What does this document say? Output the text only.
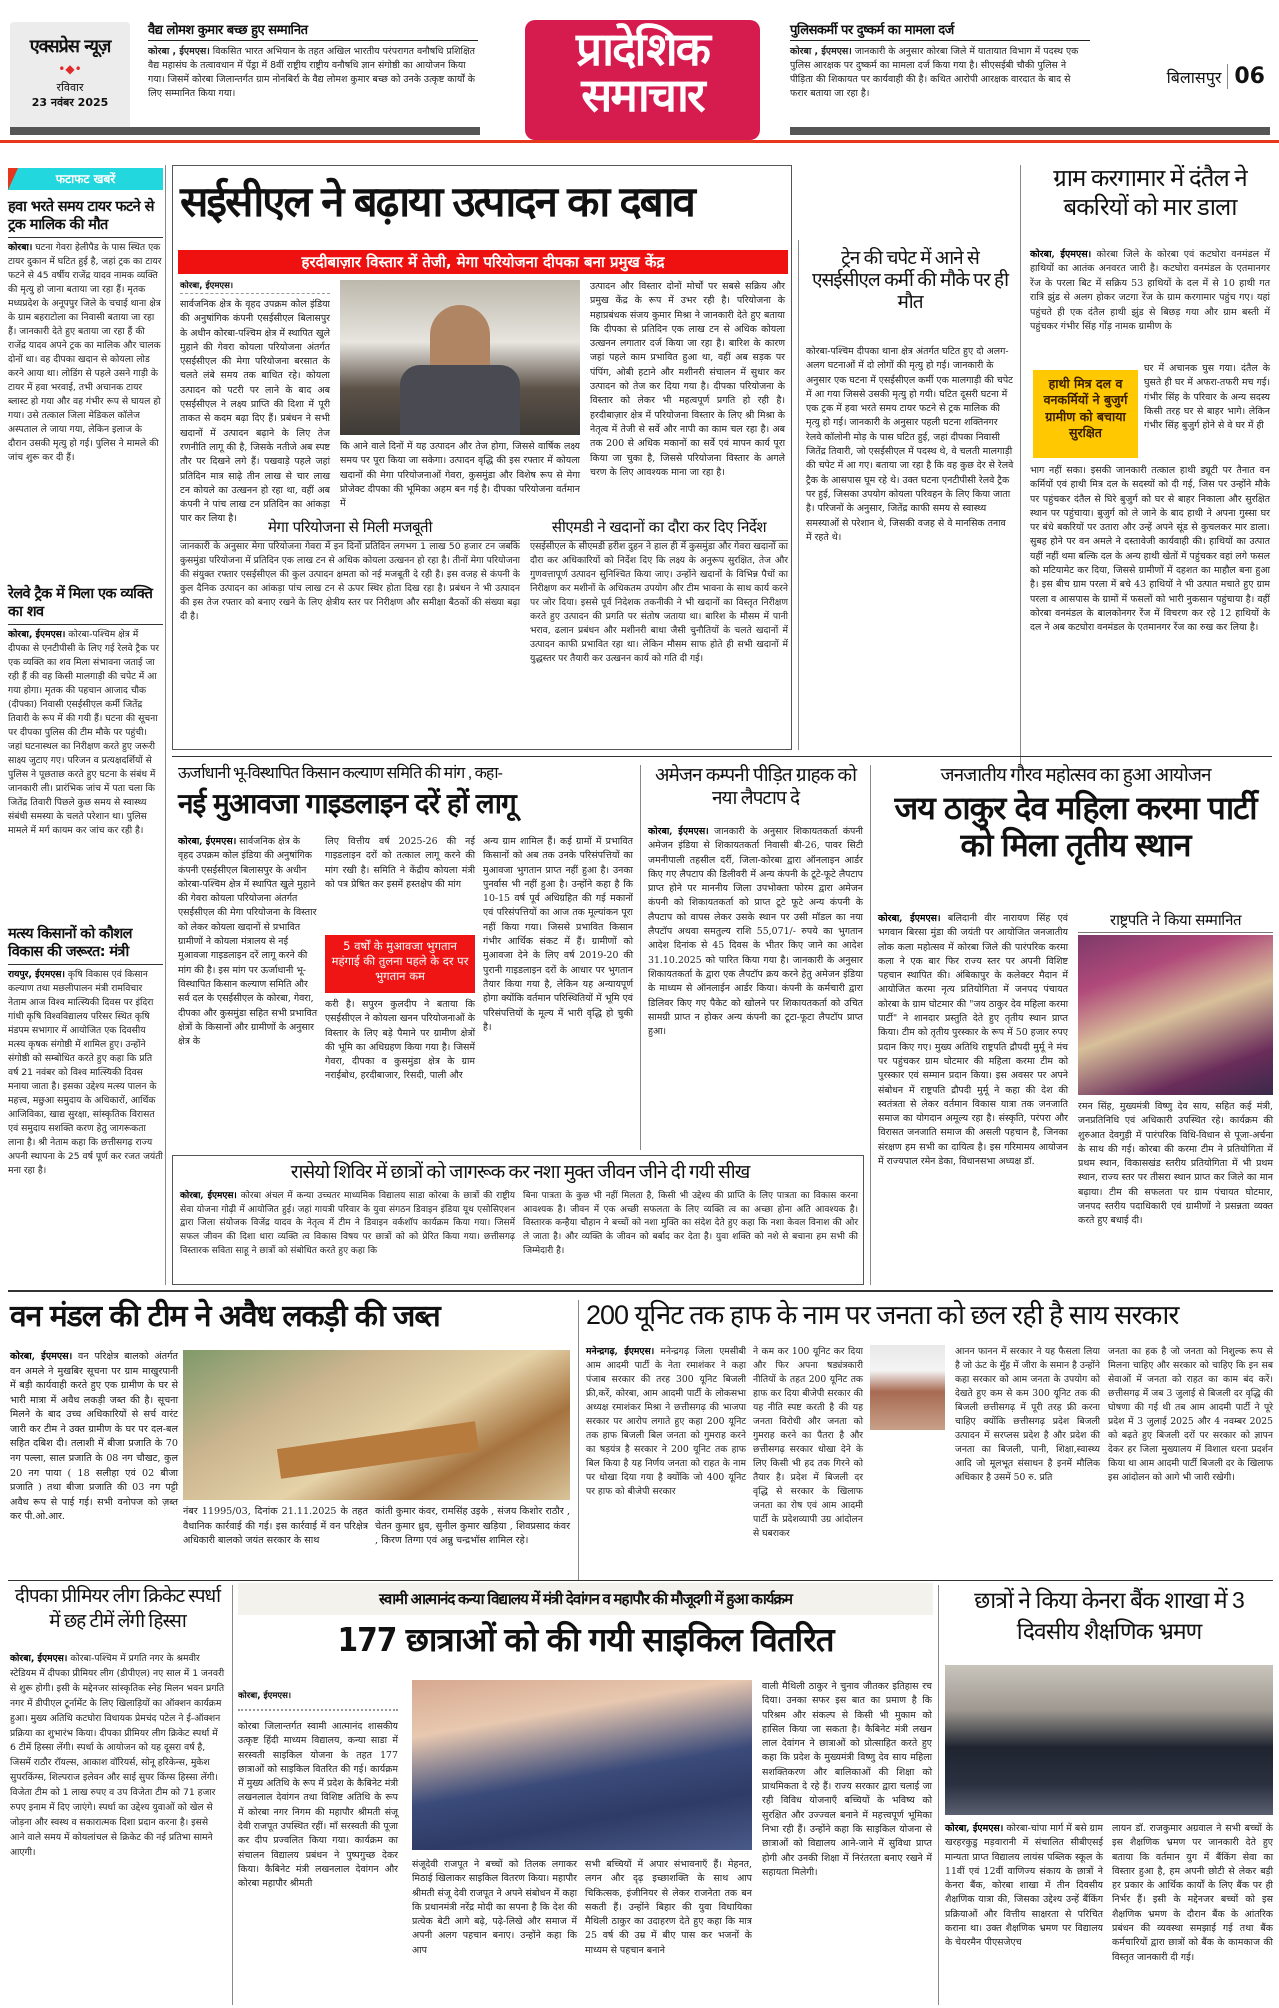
एक्सप्रेस न्यूज़
•◆•
रविवार
23 नवंबर 2025
वैद्य लोमश कुमार बच्छ हुए सम्मानित
कोरबा , ईएमएस। विकसित भारत अभियान के तहत अखिल भारतीय परंपरागत वनौषधि प्रशिक्षित वैद्य महासंघ के तत्वावधान में पेंड्रा में 8वीं राष्ट्रीय राष्ट्रीय वनौषधि ज्ञान संगोष्ठी का आयोजन किया गया। जिसमें कोरबा जिलान्तर्गत ग्राम नोनबिर्रा के वैद्य लोमश कुमार बच्छ को उनके उत्कृष्ट कार्यों के लिए सम्मानित किया गया।
प्रादेशिक
समाचार
पुलिसकर्मी पर दुष्कर्म का मामला दर्ज
कोरबा , ईएमएस। जानकारी के अनुसार कोरबा जिले में यातायात विभाग में पदस्थ एक पुलिस आरक्षक पर दुष्कर्म का मामला दर्ज किया गया है। सीएसईबी चौकी पुलिस ने पीड़िता की शिकायत पर कार्यवाही की है। कथित आरोपी आरक्षक वारदात के बाद से फरार बताया जा रहा है।
बिलासपुर 06
फटाफट खबरें
हवा भरते समय टायर फटने से ट्रक मालिक की मौत
कोरबा। घटना गेवरा हेलीपैड के पास स्थित एक टायर दुकान में घटित हुई है, जहां ट्रक का टायर फटने से 45 वर्षीय राजेंद्र यादव नामक व्यक्ति की मृत्यु हो जाना बताया जा रहा हैं। मृतक मध्यप्रदेश के अनूपपुर जिले के चचाई थाना क्षेत्र के ग्राम बहराटोला का निवासी बताया जा रहा हैं। जानकारी देते हुए बताया जा रहा हैं की राजेंद्र यादव अपने ट्रक का मालिक और चालक दोनों था। वह दीपका खदान से कोयला लोड करने आया था। लोडिंग से पहले उसने गाड़ी के टायर में हवा भरवाई, तभी अचानक टायर ब्लास्ट हो गया और वह गंभीर रूप से घायल हो गया। उसे तत्काल जिला मेडिकल कॉलेज अस्पताल ले जाया गया, लेकिन इलाज के दौरान उसकी मृत्यु हो गई। पुलिस ने मामले की जांच शुरू कर दी हैं।
रेलवे ट्रैक में मिला एक व्यक्ति का शव
कोरबा, ईएमएस। कोरबा-पश्चिम क्षेत्र में दीपका से एनटीपीसी के लिए गई रेलवे ट्रैक पर एक व्यक्ति का शव मिला संभावना जताई जा रही हैं की वह किसी मालगाड़ी की चपेट में आ गया होगा। मृतक की पहचान आजाद चौक (दीपका) निवासी एसईसीएल कर्मी जितेंद्र तिवारी के रूप में की गयी हैं। घटना की सूचना पर दीपका पुलिस की टीम मौके पर पहुंची। जहां घटनास्थल का निरीक्षण करते हुए जरूरी साक्ष्य जुटाए गए। परिजन व प्रत्यक्षदर्शियों से पुलिस ने पूछताछ करते हुए घटना के संबंध में जानकारी ली। प्रारंभिक जांच में पता चला कि जितेंद्र तिवारी पिछले कुछ समय से स्वास्थ्य संबंधी समस्या के चलते परेशान था। पुलिस मामले में मर्ग कायम कर जांच कर रही है।
मत्स्य किसानों को कौशल विकास की जरूरत: मंत्री
रायपुर, ईएमएस। कृषि विकास एवं किसान कल्याण तथा मछलीपालन मंत्री रामविचार नेताम आज विश्व मात्स्यिकी दिवस पर इंदिरा गांधी कृषि विश्वविद्यालय परिसर स्थित कृषि मंडपम सभागार में आयोजित एक दिवसीय मत्स्य कृषक संगोष्ठी में शामिल हुए। उन्होंने संगोष्ठी को सम्बोधित करते हुए कहा कि प्रति वर्ष 21 नवंबर को विश्व मात्स्यिकी दिवस मनाया जाता है। इसका उद्देश्य मत्स्य पालन के महत्त्व, मछुआ समुदाय के अधिकारों, आर्थिक आजिविका, खाद्य सुरक्षा, सांस्कृतिक विरासत एवं समुदाय सशक्ति करण हेतु जागरूकता लाना है। श्री नेताम कहा कि छत्तीसगढ़ राज्य अपनी स्थापना के 25 वर्ष पूर्ण कर रजत जयंती मना रहा है।
सईसीएल ने बढ़ाया उत्पादन का दबाव
हरदीबाज़ार विस्तार में तेजी, मेगा परियोजना दीपका बना प्रमुख केंद्र
कोरबा, ईएमएस।
सार्वजनिक क्षेत्र के वृहद उपक्रम कोल इंडिया की अनुषांगिक कंपनी एसईसीएल बिलासपुर के अधीन कोरबा-पश्चिम क्षेत्र में स्थापित खुले मुहाने की गेवरा कोयला परियोजना अंतर्गत एसईसीएल की मेगा परियोजना बरसात के चलते लंबे समय तक बाधित रहे। कोयला उत्पादन को पटरी पर लाने के बाद अब एसईसीएल ने लक्ष्य प्राप्ति की दिशा में पूरी ताकत से कदम बढ़ा दिए हैं। प्रबंधन ने सभी खदानों में उत्पादन बढ़ाने के लिए तेज रणनीति लागू की है, जिसके नतीजे अब स्पष्ट तौर पर दिखने लगे हैं। पखवाड़े पहले जहां प्रतिदिन मात्र साढ़े तीन लाख से चार लाख टन कोयले का उत्खनन हो रहा था, वहीं अब कंपनी ने पांच लाख टन प्रतिदिन का आंकड़ा पार कर लिया है।
कि आने वाले दिनों में यह उत्पादन और तेज होगा, जिससे वार्षिक लक्ष्य समय पर पूरा किया जा सकेगा। उत्पादन वृद्धि की इस रफ्तार में कोयला खदानों की मेगा परियोजनाओं गेवरा, कुसमुंडा और विशेष रूप से मेगा प्रोजेक्ट दीपका की भूमिका अहम बन गई है। दीपका परियोजना वर्तमान में
उत्पादन और विस्तार दोनों मोर्चों पर सबसे सक्रिय और प्रमुख केंद्र के रूप में उभर रही है। परियोजना के महाप्रबंधक संजय कुमार मिश्रा ने जानकारी देते हुए बताया कि दीपका से प्रतिदिन एक लाख टन से अधिक कोयला उत्खनन लगातार दर्ज किया जा रहा है। बारिश के कारण जहां पहले काम प्रभावित हुआ था, वहीं अब सड़क पर पंपिंग, ओबी हटाने और मशीनरी संचालन में सुधार कर उत्पादन को तेज कर दिया गया है। दीपका परियोजना के विस्तार को लेकर भी महत्वपूर्ण प्रगति हो रही है। हरदीबाज़ार क्षेत्र में परियोजना विस्तार के लिए श्री मिश्रा के नेतृत्व में तेजी से सर्वे और नापी का काम चल रहा है। अब तक 200 से अधिक मकानों का सर्वे एवं मापन कार्य पूरा किया जा चुका है, जिससे परियोजना विस्तार के अगले चरण के लिए आवश्यक माना जा रहा है।
मेगा परियोजना से मिली मजबूती
जानकारी के अनुसार मेगा परियोजना गेवरा में इन दिनों प्रतिदिन लगभग 1 लाख 50 हजार टन जबकि कुसमुंडा परियोजना में प्रतिदिन एक लाख टन से अधिक कोयला उत्खनन हो रहा है। तीनों मेगा परियोजना की संयुक्त रफ्तार एसईसीएल की कुल उत्पादन क्षमता को नई मजबूती दे रही है। इस वजह से कंपनी के कुल दैनिक उत्पादन का आंकड़ा पांच लाख टन से ऊपर स्थिर होता दिख रहा है। प्रबंधन ने भी उत्पादन की इस तेज रफ्तार को बनाए रखने के लिए क्षेत्रीय स्तर पर निरीक्षण और समीक्षा बैठकों की संख्या बढ़ा दी है।
सीएमडी ने खदानों का दौरा कर दिए निर्देश
एसईसीएल के सीएमडी हरीश दुहन ने हाल ही में कुसमुंडा और गेवरा खदानों का दौरा कर अधिकारियों को निर्देश दिए कि लक्ष्य के अनुरूप सुरक्षित, तेज और गुणवत्तापूर्ण उत्पादन सुनिश्चित किया जाए। उन्होंने खदानों के विभिन्न पैचों का निरीक्षण कर मशीनों के अधिकतम उपयोग और टीम भावना के साथ कार्य करने पर जोर दिया। इससे पूर्व निदेशक तकनीकी ने भी खदानों का विस्तृत निरीक्षण करते हुए उत्पादन की प्रगति पर संतोष जताया था। बारिश के मौसम में पानी भराव, ढलान प्रबंधन और मशीनरी बाधा जैसी चुनौतियों के चलते खदानों में उत्पादन काफी प्रभावित रहा था। लेकिन मौसम साफ होते ही सभी खदानों में युद्धस्तर पर तैयारी कर उत्खनन कार्य को गति दी गई।
ट्रेन की चपेट में आने से एसईसीएल कर्मी की मौके पर ही मौत
कोरबा-पश्चिम दीपका थाना क्षेत्र अंतर्गत घटित हुए दो अलग-अलग घटनाओं में दो लोगों की मृत्यु हो गई। जानकारी के अनुसार एक घटना में एसईसीएल कर्मी एक मालगाड़ी की चपेट में आ गया जिससे उसकी मृत्यु हो गयी। घटित दूसरी घटना में एक ट्रक में हवा भरते समय टायर फटने से ट्रक मालिक की मृत्यु हो गई। जानकारी के अनुसार पहली घटना शक्तिनगर रेलवे कॉलोनी मोड़ के पास घटित हुई, जहां दीपका निवासी जितेंद्र तिवारी, जो एसईसीएल में पदस्थ थे, वे चलती मालगाड़ी की चपेट में आ गए। बताया जा रहा है कि वह कुछ देर से रेलवे ट्रैक के आसपास घूम रहे थे। उक्त घटना एनटीपीसी रेलवे ट्रैक पर हुई, जिसका उपयोग कोयला परिवहन के लिए किया जाता है। परिजनों के अनुसार, जितेंद्र काफी समय से स्वास्थ्य समस्याओं से परेशान थे, जिसकी वजह से वे मानसिक तनाव में रहते थे।
ग्राम करगामार में दंतैल ने बकरियों को मार डाला
कोरबा, ईएमएस। कोरबा जिले के कोरबा एवं कटघोरा वनमंडल में हाथियों का आतंक अनवरत जारी है। कटघोरा वनमंडल के एतमानगर रेंज के परला बिट में सक्रिय 53 हाथियों के दल में से 10 हाथी गत रात्रि झुंड से अलग होकर जटगा रेंज के ग्राम करगामार पहुंच गए। यहां पहुंचते ही एक दंतैल हाथी झुंड से बिछड़ गया और ग्राम बस्ती में पहुंचकर गंभीर सिंह गोंड़ नामक ग्रामीण के
हाथी मित्र दल व वनकर्मियों ने बुजुर्ग ग्रामीण को बचाया सुरक्षित
घर में अचानक घुस गया। दंतैल के घुसते ही घर में अफरा-तफरी मच गई। गंभीर सिंह के परिवार के अन्य सदस्य किसी तरह घर से बाहर भागे। लेकिन गंभीर सिंह बुजुर्ग होने से वे घर में ही
भाग नहीं सका। इसकी जानकारी तत्काल हाथी ड्यूटी पर तैनात वन कर्मियों एवं हाथी मित्र दल के सदस्यों को दी गई, जिस पर उन्होंने मौके पर पहुंचकर दंतैल से घिरे बुजुर्ग को घर से बाहर निकाला और सुरक्षित स्थान पर पहुंचाया। बुजुर्ग को ले जाने के बाद हाथी ने अपना गुस्सा घर पर बंधे बकरियों पर उतारा और उन्हें अपने सूंड से कुचलकर मार डाला। सुबह होने पर वन अमले ने दस्तावेजी कार्यवाही की। हाथियों का उत्पात यहीं नहीं थमा बल्कि दल के अन्य हाथी खेतों में पहुंचकर वहां लगे फसल को मटियामेट कर दिया, जिससे ग्रामीणों में दहशत का माहौल बना हुआ है। इस बीच ग्राम परला में बचे 43 हाथियों ने भी उत्पात मचाते हुए ग्राम परला व आसपास के ग्रामों में फसलों को भारी नुकसान पहुंचाया है। वहीं कोरबा वनमंडल के बालकोनगर रेंज में विचरण कर रहे 12 हाथियों के दल ने अब कटघोरा वनमंडल के एतमानगर रेंज का रुख कर लिया है।
ऊर्जाधानी भू-विस्थापित किसान कल्याण समिति की मांग , कहा-
नई मुआवजा गाइडलाइन दरें हों लागू
कोरबा, ईएमएस। सार्वजनिक क्षेत्र के वृहद उपक्रम कोल इंडिया की अनुषांगिक कंपनी एसईसीएल बिलासपुर के अधीन कोरबा-पश्चिम क्षेत्र में स्थापित खुले मुहाने की गेवरा कोयला परियोजना अंतर्गत एसईसीएल की मेगा परियोजना के विस्तार को लेकर कोयला खदानों से प्रभावित ग्रामीणों ने कोयला मंत्रालय से नई मुआवजा गाइडलाइन दरें लागू करने की मांग की है। इस मांग पर ऊर्जाधानी भू-विस्थापित किसान कल्याण समिति और सर्व दल के एसईसीएल के कोरबा, गेवरा, दीपका और कुसमुंडा सहित सभी प्रभावित क्षेत्रों के किसानों और ग्रामीणों के अनुसार क्षेत्र के
लिए वित्तीय वर्ष 2025-26 की नई गाइडलाइन दरों को तत्काल लागू करने की मांग रखी है। समिति ने केंद्रीय कोयला मंत्री को पत्र प्रेषित कर इसमें हस्तक्षेप की मांग
5 वर्षों के मुआवजा भुगतान महंगाई की तुलना पहले के दर पर भुगतान कम
करी है। सपुरन कुलदीप ने बताया कि एसईसीएल ने कोयला खनन परियोजनाओं के विस्तार के लिए बड़े पैमाने पर ग्रामीण क्षेत्रों की भूमि का अधिग्रहण किया गया है। जिसमें गेवरा, दीपका व कुसमुंडा क्षेत्र के ग्राम नराईबोध, हरदीबाजार, रिसदी, पाली और
अन्य ग्राम शामिल हैं। कई ग्रामों में प्रभावित किसानों को अब तक उनके परिसंपत्तियों का मुआवजा भुगतान प्राप्त नहीं हुआ है। उनका पुनर्वास भी नहीं हुआ है। उन्होंने कहा है कि 10-15 वर्ष पूर्व अधिग्रहित की गई मकानों एवं परिसंपत्तियों का आज तक मूल्यांकन पूरा नहीं किया गया। जिससे प्रभावित किसान गंभीर आर्थिक संकट में हैं। ग्रामीणों को मुआवजा देने के लिए वर्ष 2019-20 की पुरानी गाइडलाइन दरों के आधार पर भुगतान तैयार किया गया है, लेकिन यह अन्यायपूर्ण होगा क्योंकि वर्तमान परिस्थितियों में भूमि एवं परिसंपत्तियों के मूल्य में भारी वृद्धि हो चुकी है।
अमेजन कम्पनी पीड़ित ग्राहक को नया लैपटाप दे
कोरबा, ईएमएस। जानकारी के अनुसार शिकायतकर्ता कंपनी अमेजन इंडिया से शिकायतकर्ता निवासी बी-26, पावर सिटी जमनीपाली तहसील दर्री, जिला-कोरबा द्वारा ऑनलाइन आर्डर किए गए लैपटाप की डिलीवरी में अन्य कंपनी के टूटे-फूटे लैपटाप प्राप्त होने पर माननीय जिला उपभोक्ता फोरम द्वारा अमेजन कंपनी को शिकायतकर्ता को प्राप्त टूटे फूटे अन्य कंपनी के लैपटाप को वापस लेकर उसके स्थान पर उसी मॉडल का नया लैपटॉप अथवा समतुल्य राशि 55,071/- रुपये का भुगतान आदेश दिनांक से 45 दिवस के भीतर किए जाने का आदेश 31.10.2025 को पारित किया गया है। जानकारी के अनुसार शिकायतकर्ता के द्वारा एक लैपटॉप क्रय करने हेतु अमेजन इंडिया के माध्यम से ऑनलाईन आर्डर किया। कंपनी के कर्मचारी द्वारा डिलिवर किए गए पैकेट को खोलने पर शिकायतकर्ता को उचित सामग्री प्राप्त न होकर अन्य कंपनी का टूटा-फूटा लैपटॉप प्राप्त हुआ।
जनजातीय गौरव महोत्सव का हुआ आयोजन
जय ठाकुर देव महिला करमा पार्टी को मिला तृतीय स्थान
कोरबा, ईएमएस। बलिदानी वीर नारायण सिंह एवं भगवान बिरसा मुंडा की जयंती पर आयोजित जनजातीय लोक कला महोत्सव में कोरबा जिले की पारंपरिक करमा कला ने एक बार फिर राज्य स्तर पर अपनी विशिष्ट पहचान स्थापित की। अंबिकापुर के कलेक्टर मैदान में आयोजित करमा नृत्य प्रतियोगिता में जनपद पंचायत कोरबा के ग्राम घोटमार की "जय ठाकुर देव महिला करमा पार्टी" ने शानदार प्रस्तुति देते हुए तृतीय स्थान प्राप्त किया। टीम को तृतीय पुरस्कार के रूप में 50 हजार रुपए प्रदान किए गए। मुख्य अतिथि राष्ट्रपति द्रौपदी मुर्मू ने मंच पर पहुंचकर ग्राम घोटमार की महिला करमा टीम को पुरस्कार एवं सम्मान प्रदान किया। इस अवसर पर अपने संबोधन में राष्ट्रपति द्रौपदी मुर्मू ने कहा की देश की स्वतंत्रता से लेकर वर्तमान विकास यात्रा तक जनजाति समाज का योगदान अमूल्य रहा है। संस्कृति, परंपरा और विरासत जनजाति समाज की असली पहचान है, जिनका संरक्षण हम सभी का दायित्व है। इस गरिमामय आयोजन में राज्यपाल रमेन डेका, विधानसभा अध्यक्ष डॉ.
राष्ट्रपति ने किया सम्मानित
रमन सिंह, मुख्यमंत्री विष्णु देव साय, सहित कई मंत्री, जनप्रतिनिधि एवं अधिकारी उपस्थित रहे। कार्यक्रम की शुरुआत देवगुड़ी में पारंपरिक विधि-विधान से पूजा-अर्चना के साथ की गई। कोरबा की करमा टीम ने प्रतियोगिता में प्रथम स्थान, विकासखंड स्तरीय प्रतियोगिता में भी प्रथम स्थान, राज्य स्तर पर तीसरा स्थान प्राप्त कर जिले का मान बढ़ाया। टीम की सफलता पर ग्राम पंचायत घोटमार, जनपद स्तरीय पदाधिकारी एवं ग्रामीणों ने प्रसन्नता व्यक्त करते हुए बधाई दी।
रासेयो शिविर में छात्रों को जागरूक कर नशा मुक्त जीवन जीने दी गयी सीख
कोरबा, ईएमएस। कोरबा अंचल में कन्या उच्चतर माध्यमिक विद्यालय साडा कोरबा के छात्रों की राष्ट्रीय सेवा योजना गोढ़ी में आयोजित हुई। जहां गायत्री परिवार के युवा संगठन डिवाइन इंडिया यूथ एसोसिएशन द्वारा जिला संयोजक विजेंद्र यादव के नेतृत्व में टीम ने डिवाइन वर्कशॉप कार्यक्रम किया गया। जिसमें सफल जीवन की दिशा धारा व्यक्ति त्व विकास विषय पर छात्रों को को प्रेरित किया गया। छत्तीसगढ़ विस्तारक सविता साहू ने छात्रों को संबोधित करते हुए कहा कि
बिना पात्रता के कुछ भी नहीं मिलता है, किसी भी उद्देश्य की प्राप्ति के लिए पात्रता का विकास करना आवश्यक है। जीवन में एक अच्छी सफलता के लिए व्यक्ति त्व का अच्छा होना अति आवश्यक है। विस्तारक कन्हैया चौहान ने बच्चों को नशा मुक्ति का संदेश देते हुए कहा कि नशा केवल विनाश की ओर ले जाता है। और व्यक्ति के जीवन को बर्बाद कर देता है। युवा शक्ति को नशे से बचाना हम सभी की जिम्मेदारी है।
वन मंडल की टीम ने अवैध लकड़ी की जब्त
कोरबा, ईएमएस। वन परिक्षेत्र बालको अंतर्गत वन अमले ने मुखबिर सूचना पर ग्राम माखुरपानी में बड़ी कार्यवाही करते हुए एक ग्रामीण के घर से भारी मात्रा में अवैध लकड़ी जब्त की है। सूचना मिलने के बाद उच्च अधिकारियों से सर्च वारंट जारी कर टीम ने उक्त ग्रामीण के घर पर दल-बल सहित दबिश दी। तलाशी में बीजा प्रजाति के 70 नग पल्ला, साल प्रजाति के 08 नग चौखट, कुल 20 नग पाया ( 18 सलीहा एवं 02 बीजा प्रजाति ) तथा बीजा प्रजाति की 03 नग पट्टी अवैध रूप से पाई गई। सभी वनोपज को ज़ब्त कर पी.ओ.आर.	नंबर 11995/03, दिनांक 21.11.2025 के तहत वैधानिक कार्रवाई की गई। इस कार्रवाई में वन परिक्षेत्र अधिकारी बालको जयंत सरकार के साथ
कांती कुमार कंवर, रामसिंह उइके , संजय किशोर राठौर , चेतन कुमार ध्रुव, सुनील कुमार खड़िया , शिवप्रसाद कंवर , किरण तिग्गा एवं अन्नु चन्द्रभॉस शामिल रहे।
200 यूनिट तक हाफ के नाम पर जनता को छल रही है साय सरकार
मनेन्द्रगढ़, ईएमएस। मनेन्द्रगढ़ जिला एमसीबी आम आदमी पार्टी के नेता रमाशंकर ने कहा पंजाब सरकार की तरह 300 यूनिट बिजली फ्री,करें, कोरबा, आम आदमी पार्टी के लोकसभा अध्यक्ष रमाशंकर मिश्रा ने छत्तीसगढ़ की भाजपा सरकार पर आरोप लगाते हुए कहा 200 यूनिट तक हाफ बिजली बिल जनता को गुमराह करने का षड़यंत्र है सरकार ने 200 यूनिट तक हाफ बिल किया है यह निर्णय जनता को राहत के नाम पर धोखा दिया गया है क्योंकि जो 400 यूनिट पर हाफ को बीजेपी सरकार
ने कम कर 100 यूनिट कर दिया और फिर अपना षड्यंत्रकारी नीतियों के तहत 200 यूनिट तक हाफ कर दिया बीजेपी सरकार की यह नीति स्पष्ट करती है की यह जनता विरोधी और जनता को गुमराह करने का पैतरा है और छत्तीसगढ़ सरकार धोखा देने के लिए किसी भी हद तक गिरने को तैयार है। प्रदेश में बिजली दर वृद्धि से सरकार के खिलाफ जनता का रोष एवं आम आदमी पार्टी के प्रदेशव्यापी उग्र आंदोलन से घबराकर
आनन फानन में सरकार ने यह फैसला लिया है जो ऊंट के मुँह में जीरा के समान है उन्होंने कहा सरकार को आम जनता के उपयोग को देखते हुए कम से कम 300 यूनिट तक की बिजली छत्तीसगढ़ में पूरी तरह फ्री करना चाहिए क्योंकि छत्तीसगढ़ प्रदेश बिजली उत्पादन में सरप्लस प्रदेश है और प्रदेश की जनता का बिजली, पानी, शिक्षा,स्वास्थ्य आदि जो मूलभूत संसाधन है इनमें मौलिक अधिकार है उसमें 50 रु. प्रति
जनता का हक है जो जनता को निशुल्क रूप से मिलना चाहिए और सरकार को चाहिए कि इन सब सेवाओं में जनता को राहत का काम बंद करें। छत्तीसगढ़ में जब 3 जुलाई से बिजली दर वृद्धि की घोषणा की गई थी तब आम आदमी पार्टी ने पूरे प्रदेश में 3 जुलाई 2025 और 4 नवम्बर 2025 को बढ़ते हुए बिजली दरों पर सरकार को ज्ञापन देकर हर जिला मुख्यालय में विशाल धरना प्रदर्शन किया था आम आदमी पार्टी बिजली दर के खिलाफ इस आंदोलन को आगे भी जारी रखेगी।
दीपका प्रीमियर लीग क्रिकेट स्पर्धा में छह टीमें लेंगी हिस्सा
कोरबा, ईएमएस। कोरबा-पश्चिम में प्रगति नगर के श्रमवीर स्टेडियम में दीपका प्रीमियर लीग (डीपीएल) नए साल में 1 जनवरी से शुरू होगी। इसी के मद्देनजर सांस्कृतिक स्नेह मिलन भवन प्रगति नगर में डीपीएल टूर्नामेंट के लिए खिलाड़ियों का ऑक्शन कार्यक्रम हुआ। मुख्य अतिथि कटघोरा विधायक प्रेमचंद पटेल ने ई-ऑक्शन प्रक्रिया का शुभारंभ किया। दीपका प्रीमियर लीग क्रिकेट स्पर्धा में 6 टीमें हिस्सा लेंगी। स्पर्धा के आयोजन को यह दूसरा वर्ष है, जिसमें राठौर रॉयल्स, आकाश वॉरियर्स, सोनू हरिकेन्स, मुकेश सुपरकिंग्स, शिल्पराज इलेवन और साई सुपर किंग्स हिस्सा लेंगी। विजेता टीम को 1 लाख रुपए व उप विजेता टीम को 71 हजार रुपए इनाम में दिए जाएंगे। स्पर्धा का उद्देश्य युवाओं को खेल से जोड़ना और स्वस्थ व सकारात्मक दिशा प्रदान करना है। इससे आने वाले समय में कोयलांचल से क्रिकेट की नई प्रतिभा सामने आएगी।
स्वामी आत्मानंद कन्या विद्यालय में मंत्री देवांगन व महापौर की मौजूदगी में हुआ कार्यक्रम
177 छात्राओं को की गयी साइकिल वितरित
कोरबा, ईएमएस।
कोरबा जिलान्तर्गत स्वामी आत्मानंद शासकीय उत्कृष्ट हिंदी माध्यम विद्यालय, कन्या साडा में सरस्वती साइकिल योजना के तहत 177 छात्राओं को साइकिल वितरित की गई। कार्यक्रम में मुख्य अतिथि के रूप में प्रदेश के कैबिनेट मंत्री लखनलाल देवांगन तथा विशिष्ट अतिथि के रूप में कोरबा नगर निगम की महापौर श्रीमती संजू देवी राजपूत उपस्थित रहीं। माँ सरस्वती की पूजा कर दीप प्रज्वलित किया गया। कार्यक्रम का संचालन विद्यालय प्रबंधन ने पुष्पगुच्छ देकर किया। कैबिनेट मंत्री लखनलाल देवांगन और कोरबा महापौर श्रीमती
संजूदेवी राजपूत ने बच्चों को तिलक लगाकर मिठाई खिलाकर साइकिल वितरण किया। महापौर श्रीमती संजू देवी राजपूत ने अपने संबोधन में कहा कि प्रधानमंत्री नरेंद्र मोदी का सपना है कि देश की प्रत्येक बेटी आगे बढ़े, पढ़े-लिखे और समाज में अपनी अलग पहचान बनाए। उन्होंने कहा कि आप
सभी बच्चियों में अपार संभावनाएँ हैं। मेहनत, लगन और दृढ़ इच्छाशक्ति के साथ आप चिकित्सक, इंजीनियर से लेकर राजनेता तक बन सकती हैं। उन्होंने बिहार की युवा विधायिका मैथिली ठाकुर का उदाहरण देते हुए कहा कि मात्र 25 वर्ष की उम्र में बीए पास कर भजनों के माध्यम से पहचान बनाने
वाली मैथिली ठाकुर ने चुनाव जीतकर इतिहास रच दिया। उनका सफर इस बात का प्रमाण है कि परिश्रम और संकल्प से किसी भी मुकाम को हासिल किया जा सकता है। कैबिनेट मंत्री लखन लाल देवांगन ने छात्राओं को प्रोत्साहित करते हुए कहा कि प्रदेश के मुख्यमंत्री विष्णु देव साय महिला सशक्तिकरण और बालिकाओं की शिक्षा को प्राथमिकता दे रहे हैं। राज्य सरकार द्वारा चलाई जा रही विविध योजनाएँ बच्चियों के भविष्य को सुरक्षित और उज्ज्वल बनाने में महत्त्वपूर्ण भूमिका निभा रही हैं। उन्होंने कहा कि साइकिल योजना से छात्राओं को विद्यालय आने-जाने में सुविधा प्राप्त होगी और उनकी शिक्षा में निरंतरता बनाए रखने में सहायता मिलेगी।
छात्रों ने किया केनरा बैंक शाखा में 3 दिवसीय शैक्षणिक भ्रमण
कोरबा, ईएमएस। कोरबा-चांपा मार्ग में बसे ग्राम खरहरकुडु मड़वारानी में संचालित सीबीएसई मान्यता प्राप्त विद्यालय लायंस पब्लिक स्कूल के 11वीं एवं 12वीं वाणिज्य संकाय के छात्रों ने केनरा बैंक, कोरबा शाखा में तीन दिवसीय शैक्षणिक यात्रा की, जिसका उद्देश्य उन्हें बैंकिंग प्रक्रियाओं और वित्तीय साक्षरता से परिचित कराना था। उक्त शैक्षणिक भ्रमण पर विद्यालय के चेयरमैन पीएसजेएच
लायन डॉ. राजकुमार अग्रवाल ने सभी बच्चों के इस शैक्षणिक भ्रमण पर जानकारी देते हुए बताया कि वर्तमान युग में बैंकिंग सेवा का विस्तार हुआ है, हम अपनी छोटी से लेकर बड़ी हर प्रकार के आर्थिक कार्यों के लिए बैंक पर ही निर्भर हैं। इसी के मद्देनजर बच्चों को इस शैक्षणिक भ्रमण के दौरान बैंक के आंतरिक प्रबंधन की व्यवस्था समझाई गई तथा बैंक कर्मचारियों द्वारा छात्रों को बैंक के कामकाज की विस्तृत जानकारी दी गई।
